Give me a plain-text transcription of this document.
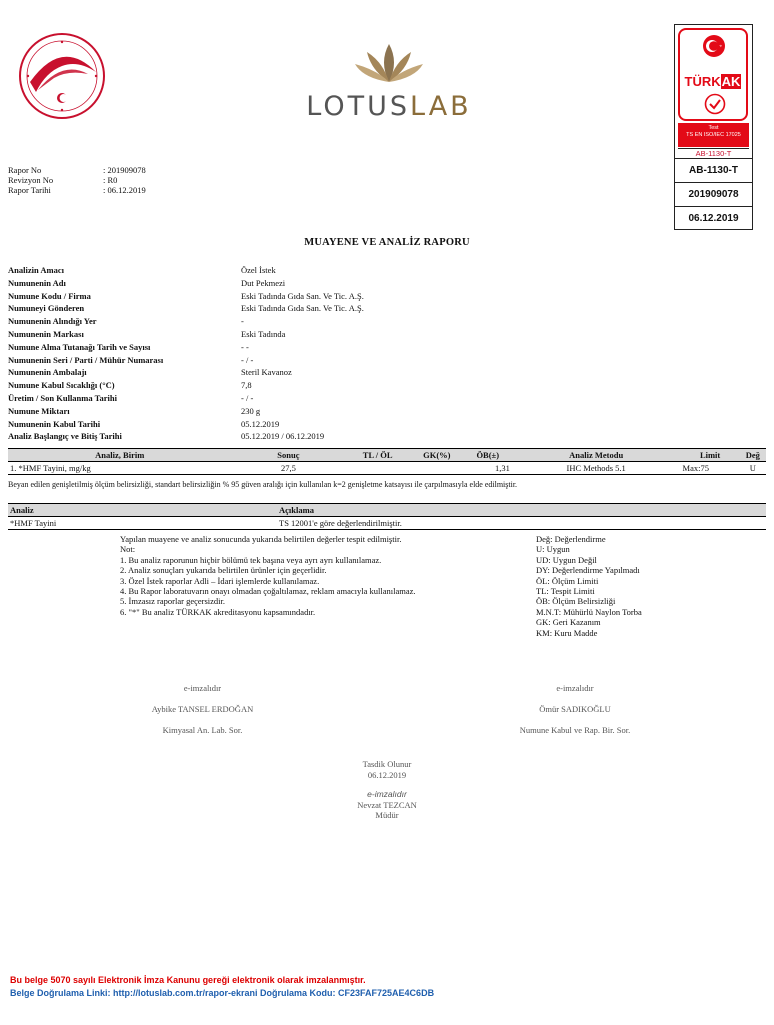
LOTUSLAB
TÜRKAK
Test
TS EN ISO/IEC 17025
AB-1130-T
AB-1130-T
201909078
06.12.2019
Rapor No	: 201909078
Revizyon No	: R0
Rapor Tarihi	: 06.12.2019
MUAYENE VE ANALİZ RAPORU
Analizin Amacı	Özel İstek
Numunenin Adı	Dut Pekmezi
Numune Kodu / Firma	Eski Tadında Gıda San. Ve Tic. A.Ş.
Numuneyi Gönderen	Eski Tadında Gıda San. Ve Tic. A.Ş.
Numunenin Alındığı Yer	-
Numunenin Markası	Eski Tadında
Numune Alma Tutanağı Tarih ve Sayısı	- -
Numunenin Seri / Parti / Mühür Numarası	- / -
Numunenin Ambalajı	Steril Kavanoz
Numune Kabul Sıcaklığı (°C)	7,8
Üretim / Son Kullanma Tarihi	- / -
Numune Miktarı	230 g
Numunenin Kabul Tarihi	05.12.2019
Analiz Başlangıç ve Bitiş Tarihi	05.12.2019 / 06.12.2019
Analiz, Birim	Sonuç	TL / ÖL	GK(%)	ÖB(±)	Analiz Metodu	Limit	Değ
1. *HMF Tayini, mg/kg	27,5			1,31	IHC Methods 5.1	Max:75	U
Beyan edilen genişletilmiş ölçüm belirsizliği, standart belirsizliğin % 95 güven aralığı için kullanılan k=2 genişletme katsayısı ile çarpılmasıyla elde edilmiştir.
Analiz	Açıklama
*HMF Tayini	TS 12001'e göre değerlendirilmiştir.
Yapılan muayene ve analiz sonucunda yukarıda belirtilen değerler tespit edilmiştir.
Not:
1. Bu analiz raporunun hiçbir bölümü tek başına veya ayrı ayrı kullanılamaz.
2. Analiz sonuçları yukarıda belirtilen ürünler için geçerlidir.
3. Özel İstek raporlar Adli – İdari işlemlerde kullanılamaz.
4. Bu Rapor laboratuvarın onayı olmadan çoğaltılamaz, reklam amacıyla kullanılamaz.
5. İmzasız raporlar geçersizdir.
6. "*" Bu analiz TÜRKAK akreditasyonu kapsamındadır.
Değ: Değerlendirme
U: Uygun
UD: Uygun Değil
DY: Değerlendirme Yapılmadı
ÖL: Ölçüm Limiti
TL: Tespit Limiti
ÖB: Ölçüm Belirsizliği
M.N.T: Mühürlü Naylon Torba
GK: Geri Kazanım
KM: Kuru Madde
e-imzalıdır
Aybike TANSEL ERDOĞAN
Kimyasal An. Lab. Sor.
e-imzalıdır
Ömür SADIKOĞLU
Numune Kabul ve Rap. Bir. Sor.
Tasdik Olunur
06.12.2019
e-imzalıdır
Nevzat TEZCAN
Müdür
Bu belge 5070 sayılı Elektronik İmza Kanunu gereği elektronik olarak imzalanmıştır.
Belge Doğrulama Linki: http://lotuslab.com.tr/rapor-ekrani Doğrulama Kodu: CF23FAF725AE4C6DB
